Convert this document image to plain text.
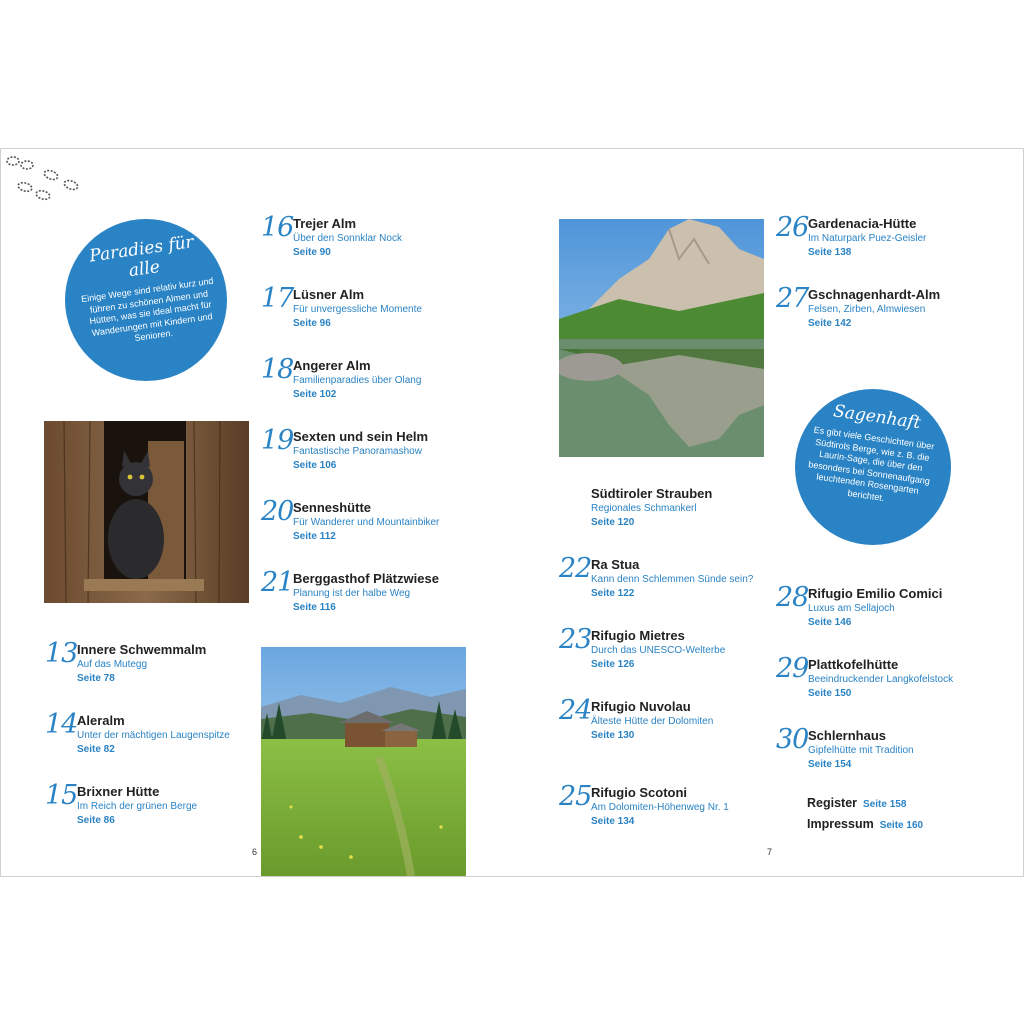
13 Innere Schwemmalm
Auf das Mutegg
Seite 78
14 Aleralm
Unter der mächtigen Laugenspitze
Seite 82
15 Brixner Hütte
Im Reich der grünen Berge
Seite 86
16 Trejer Alm
Über den Sonnklar Nock
Seite 90
17 Lüsner Alm
Für unvergessliche Momente
Seite 96
18 Angerer Alm
Familienparadies über Olang
Seite 102
19 Sexten und sein Helm
Fantastische Panoramashow
Seite 106
20 Senneshütte
Für Wanderer und Mountainbiker
Seite 112
21 Berggasthof Plätzwiese
Planung ist der halbe Weg
Seite 116
Südtiroler Strauben
Regionales Schmankerl
Seite 120
22 Ra Stua
Kann denn Schlemmen Sünde sein?
Seite 122
23 Rifugio Mietres
Durch das UNESCO-Welterbe
Seite 126
24 Rifugio Nuvolau
Älteste Hütte der Dolomiten
Seite 130
25 Rifugio Scotoni
Am Dolomiten-Höhenweg Nr. 1
Seite 134
26 Gardenacia-Hütte
Im Naturpark Puez-Geisler
Seite 138
27 Gschnagenhardt-Alm
Felsen, Zirben, Almwiesen
Seite 142
28 Rifugio Emilio Comici
Luxus am Sellajoch
Seite 146
29 Plattkofelhütte
Beeindruckender Langkofelstock
Seite 150
30 Schlernhaus
Gipfelhütte mit Tradition
Seite 154
Register Seite 158
Impressum Seite 160
Paradies für alle
Einige Wege sind relativ kurz und führen zu schönen Almen und Hütten, was sie ideal macht für Wanderungen mit Kindern und Senioren.
Sagenhaft
Es gibt viele Geschichten über Südtirols Berge, wie z. B. die Laurin-Sage, die über den besonders bei Sonnenaufgang leuchtenden Rosengarten berichtet.
6	7
